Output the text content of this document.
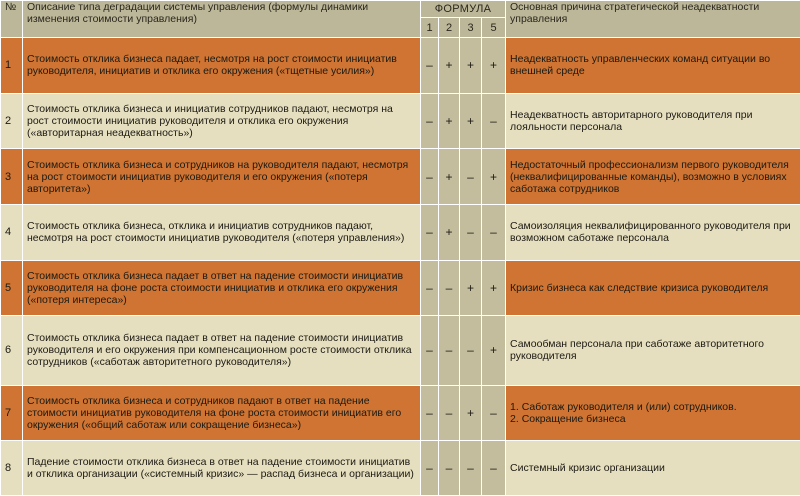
№	Описание типа деградации системы управления (формулы динамики изменения стоимости управления)	ФОРМУЛА				Основная причина стратегической неадекватности управления
		1	2	3	5	
1	Стоимость отклика бизнеса падает, несмотря на рост стоимости инициатив руководителя, инициатив и отклика его окружения («тщетные усилия»)	–	+	+	+	Неадекватность управленческих команд ситуации во внешней среде
2	Стоимость отклика бизнеса и инициатив сотрудников падают, несмотря на рост стоимости инициатив руководителя и отклика его окружения («авторитарная неадекватность»)	–	+	+	–	Неадекватность авторитарного руководителя при лояльности персонала
3	Стоимость отклика бизнеса и сотрудников на руководителя падают, несмотря на рост стоимости инициатив руководителя и его окружения («потеря авторитета»)	–	+	–	+	Недостаточный профессионализм первого руководителя (неквалифицированные команды), возможно в условиях саботажа сотрудников
4	Стоимость отклика бизнеса, отклика и инициатив сотрудников падают, несмотря на рост стоимости инициатив руководителя («потеря управления»)	–	+	–	–	Самоизоляция неквалифицированного руководителя при возможном саботаже персонала
5	Стоимость отклика бизнеса падает в ответ на падение стоимости инициатив руководителя на фоне роста стоимости инициатив и отклика его окружения («потеря интереса»)	–	–	+	+	Кризис бизнеса как следствие кризиса руководителя
6	Стоимость отклика бизнеса падает в ответ на падение стоимости инициатив руководителя и его окружения при компенсационном росте стоимости отклика сотрудников («саботаж авторитетного руководителя»)	–	–	–	+	Самообман персонала при саботаже авторитетного руководителя
7	Стоимость отклика бизнеса и сотрудников падают в ответ на падение стоимости инициатив руководителя на фоне роста стоимости инициатив его окружения («общий саботаж или сокращение бизнеса»)	–	–	+	–	1. Саботаж руководителя и (или) сотрудников.
2. Сокращение бизнеса
8	Падение стоимости отклика бизнеса в ответ на падение стоимости инициатив и отклика организации («системный кризис» — распад бизнеса и организации)	–	–	–	–	Системный кризис организации
